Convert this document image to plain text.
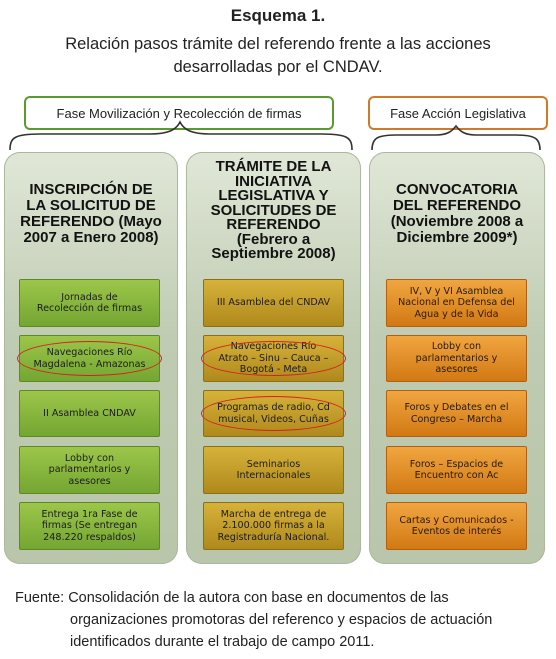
Esquema 1.
Relación pasos trámite del referendo frente a las acciones
desarrolladas por el CNDAV.
Fase Movilización y Recolección de firmas	Fase Acción Legislativa
INSCRIPCIÓN DE
LA SOLICITUD DE
REFERENDO (Mayo
2007 a Enero 2008)
TRÁMITE DE LA
INICIATIVA
LEGISLATIVA Y
SOLICITUDES DE
REFERENDO
(Febrero a
Septiembre 2008)
CONVOCATORIA
DEL REFERENDO
(Noviembre 2008 a
Diciembre 2009*)
Jornadas de
Recolección de firmas
Navegaciones Río
Magdalena - Amazonas
II Asamblea CNDAV
Lobby con
parlamentarios y
asesores
Entrega 1ra Fase de
firmas (Se entregan
248.220 respaldos)
III Asamblea del CNDAV
Navegaciones Río
Atrato – Sinu – Cauca –
Bogotá - Meta
Programas de radio, Cd
musical, Videos, Cuñas
Seminarios
Internacionales
Marcha de entrega de
2.100.000 firmas a la
Registraduría Nacional.
IV, V y VI Asamblea
Nacional en Defensa del
Agua y de la Vida
Lobby con
parlamentarios y
asesores
Foros y Debates en el
Congreso – Marcha
Foros – Espacios de
Encuentro con Ac
Cartas y Comunicados -
Eventos de interés
Fuente: Consolidación de la autora con base en documentos de las
organizaciones promotoras del referenco y espacios de actuación
identificados durante el trabajo de campo 2011.
